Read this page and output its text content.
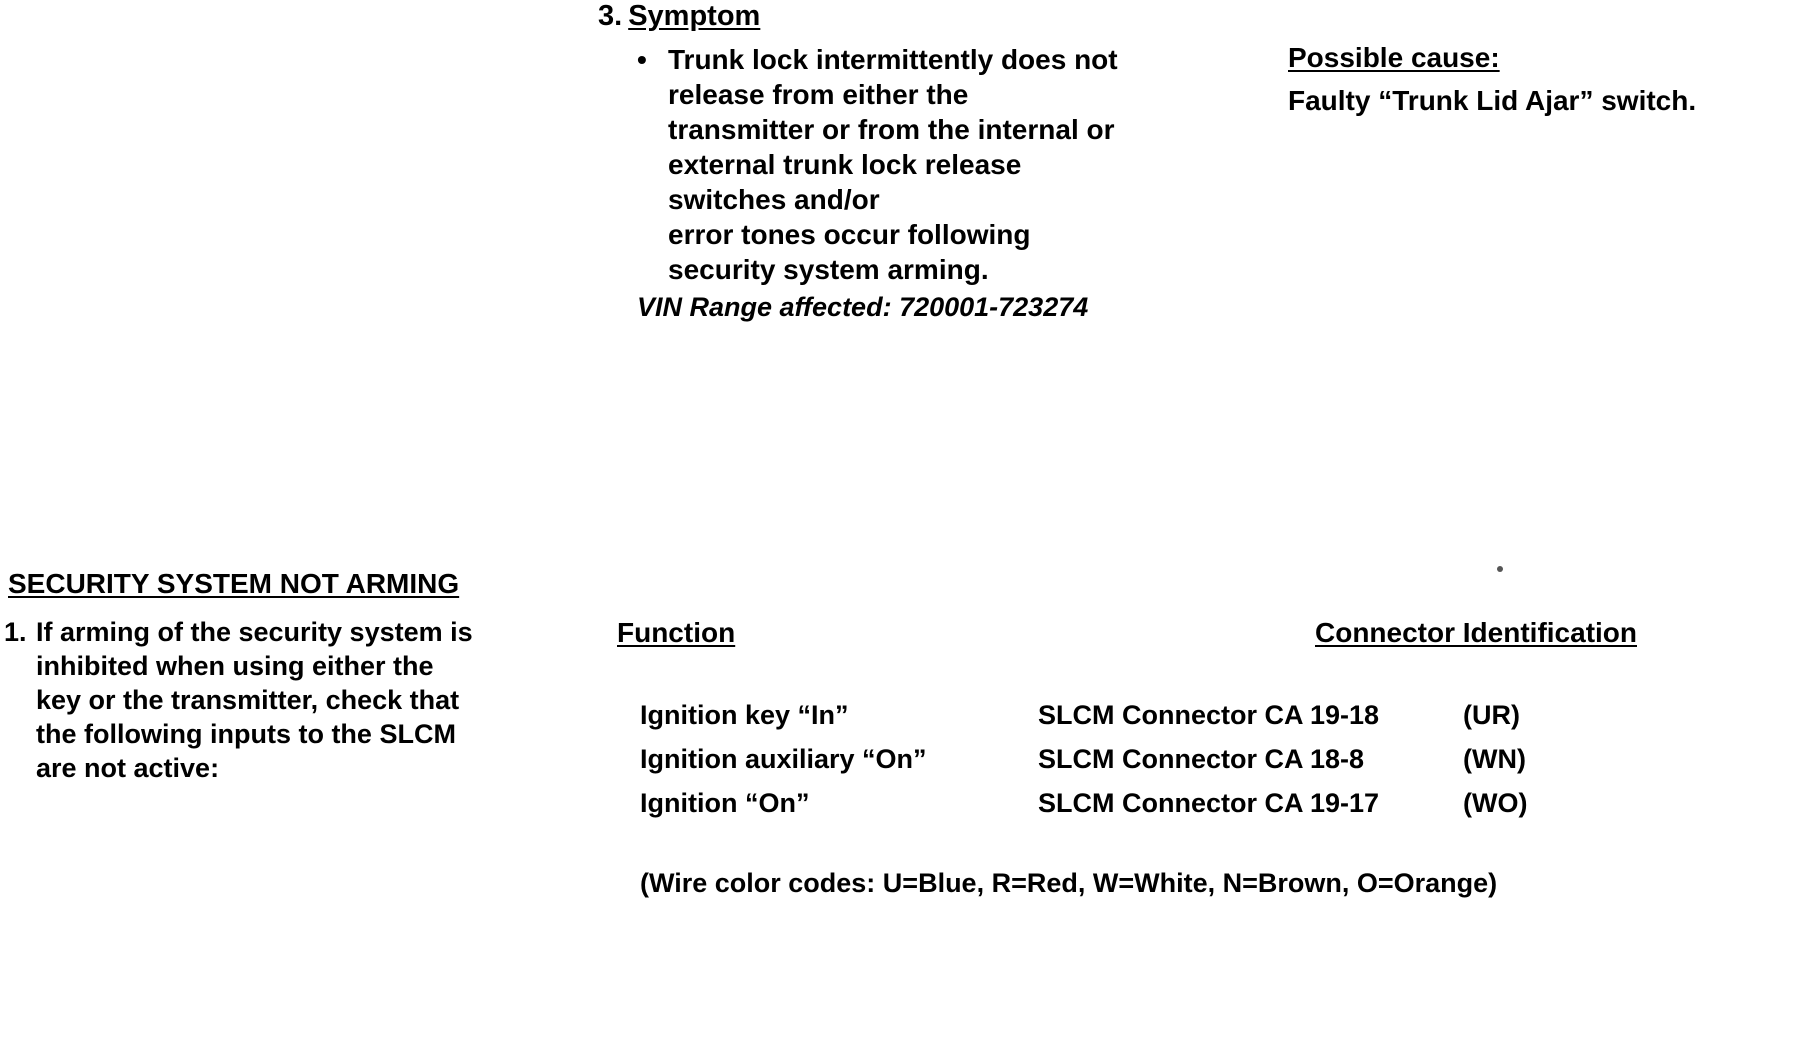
3. Symptom
• Trunk lock intermittently does not
release from either the
transmitter or from the internal or
external trunk lock release
switches and/or
error tones occur following
security system arming.
VIN Range affected: 720001-723274
Possible cause:
Faulty “Trunk Lid Ajar” switch.
SECURITY SYSTEM NOT ARMING
1. If arming of the security system is
inhibited when using either the
key or the transmitter, check that
the following inputs to the SLCM
are not active:
Function	Connector Identification
Ignition key “In”	SLCM Connector CA 19-18	(UR)
Ignition auxiliary “On”	SLCM Connector CA 18-8	(WN)
Ignition “On”	SLCM Connector CA 19-17	(WO)
(Wire color codes: U=Blue, R=Red, W=White, N=Brown, O=Orange)
